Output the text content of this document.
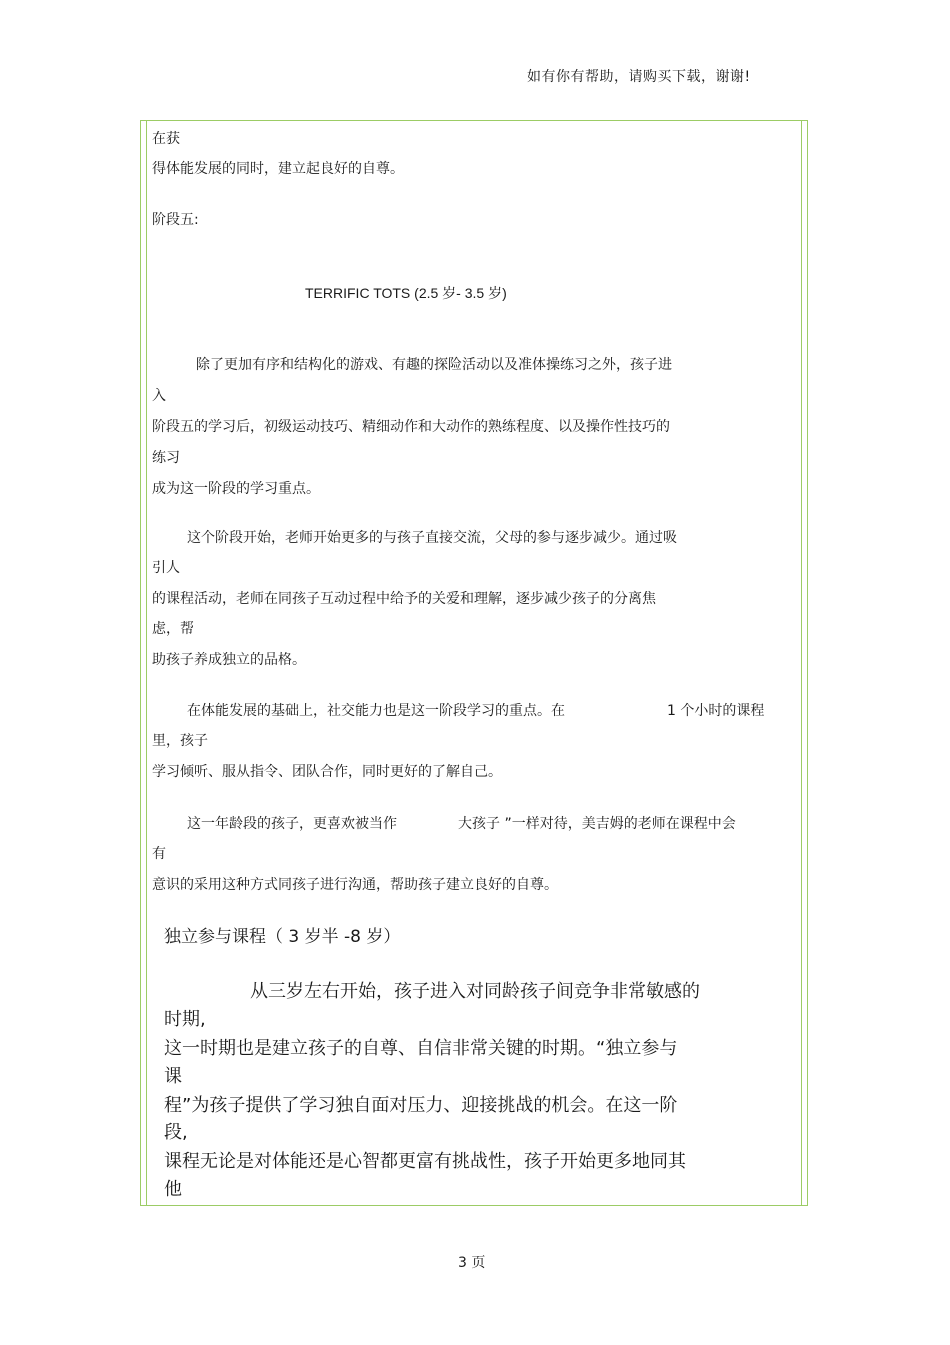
如有你有帮助，请购买下载，谢谢!
在获
得体能发展的同时，建立起良好的自尊。
阶段五:
TERRIFIC TOTS (2.5 岁- 3.5 岁)
除了更加有序和结构化的游戏、有趣的探险活动以及准体操练习之外，孩子进
入
阶段五的学习后，初级运动技巧、精细动作和大动作的熟练程度、以及操作性技巧的
练习
成为这一阶段的学习重点。
这个阶段开始，老师开始更多的与孩子直接交流，父母的参与逐步减少。通过吸
引人
的课程活动，老师在同孩子互动过程中给予的关爱和理解，逐步减少孩子的分离焦
虑，帮
助孩子养成独立的品格。
在体能发展的基础上，社交能力也是这一阶段学习的重点。在	1 个小时的课程
里，孩子
学习倾听、服从指令、团队合作，同时更好的了解自己。
这一年龄段的孩子，更喜欢被当作	大孩子 ”一样对待，美吉姆的老师在课程中会
有
意识的采用这种方式同孩子进行沟通，帮助孩子建立良好的自尊。
独立参与课程（ 3 岁半 -8 岁）
从三岁左右开始，孩子进入对同龄孩子间竞争非常敏感的
时期,
这一时期也是建立孩子的自尊、自信非常关键的时期。“独立参与
课
程”为孩子提供了学习独自面对压力、迎接挑战的机会。在这一阶
段,
课程无论是对体能还是心智都更富有挑战性，孩子开始更多地同其
他
3 页
